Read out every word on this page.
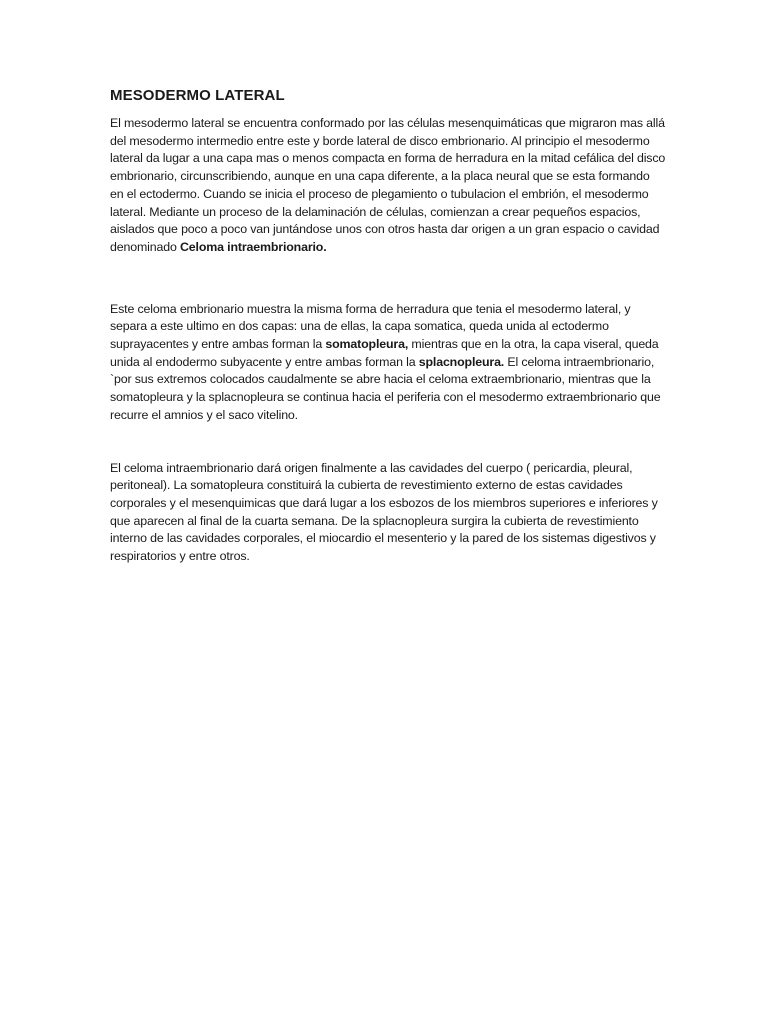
MESODERMO LATERAL

El mesodermo lateral se encuentra conformado por las células mesenquimáticas que migraron mas allá del mesodermo intermedio entre este y borde lateral de disco embrionario. Al principio el mesodermo lateral da lugar a una capa mas o menos compacta en forma de herradura en la mitad cefálica del disco embrionario, circunscribiendo, aunque en una capa diferente, a la placa neural que se esta formando en el ectodermo. Cuando se inicia el proceso de plegamiento o tubulacion el embrión, el mesodermo lateral. Mediante un proceso de la delaminación de células, comienzan a crear pequeños espacios, aislados que poco a poco van juntándose unos con otros hasta dar origen a un gran espacio o cavidad denominado Celoma intraembrionario.

Este celoma embrionario muestra la misma forma de herradura que tenia el mesodermo lateral, y separa a este ultimo en dos capas: una de ellas, la capa somatica, queda unida al ectodermo suprayacentes y entre ambas forman la somatopleura, mientras que en la otra, la capa viseral, queda unida al endodermo subyacente y entre ambas forman la splacnopleura. El celoma intraembrionario, `por sus extremos colocados caudalmente se abre hacia el celoma extraembrionario, mientras que la somatopleura y la splacnopleura se continua hacia el periferia con el mesodermo extraembrionario que recurre el amnios y el saco vitelino.

El celoma intraembrionario dará origen finalmente a las cavidades del cuerpo ( pericardia, pleural, peritoneal). La somatopleura constituirá la cubierta de revestimiento externo de estas cavidades corporales y el mesenquimicas que dará lugar a los esbozos de los miembros superiores e inferiores y que aparecen al final de la cuarta semana. De la splacnopleura surgira la cubierta de revestimiento interno de las cavidades corporales, el miocardio el mesenterio y la pared de los sistemas digestivos y respiratorios y entre otros.
